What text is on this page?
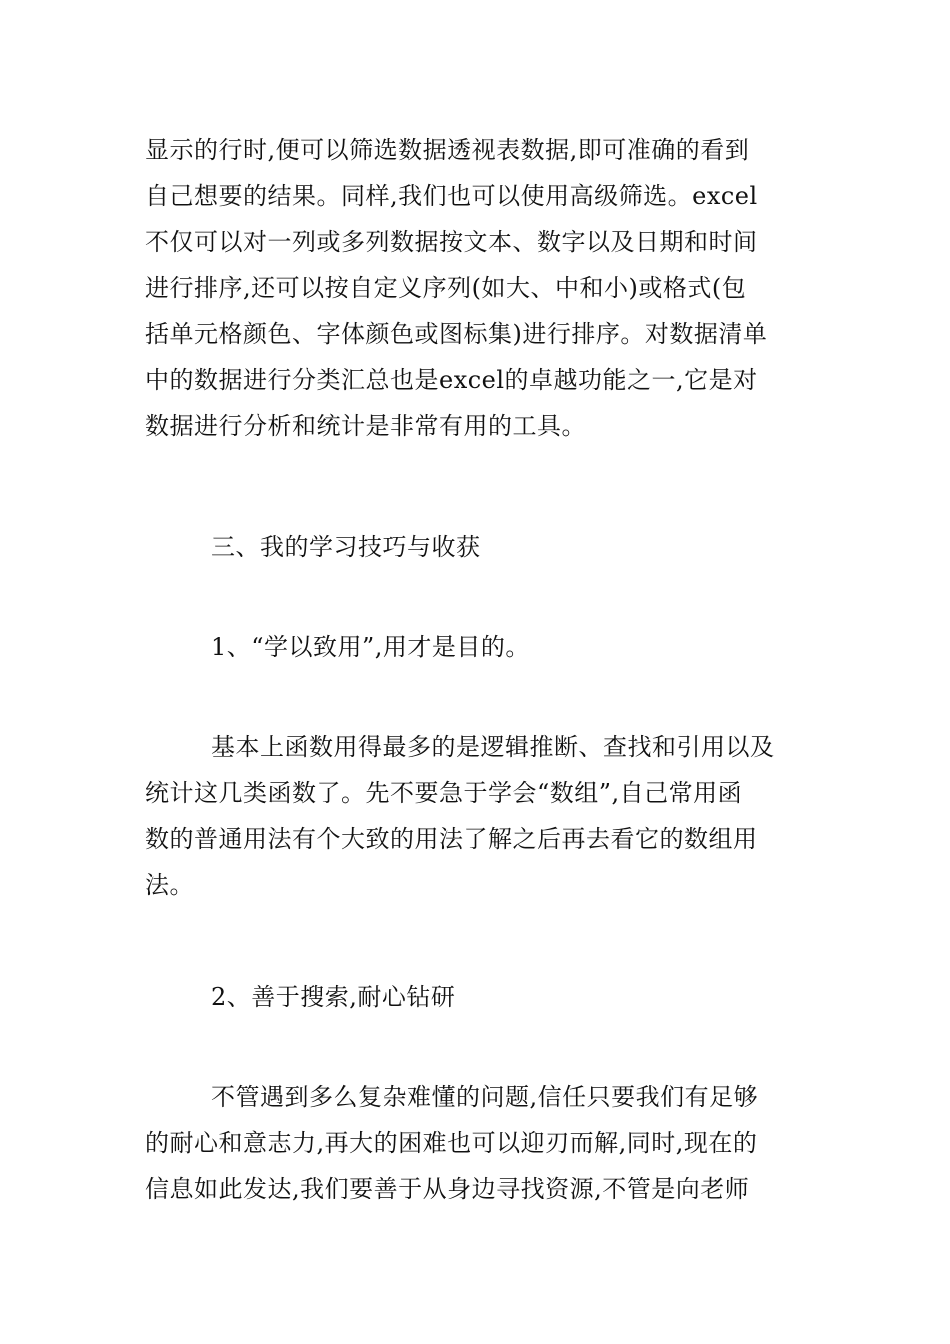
显示的行时,便可以筛选数据透视表数据,即可准确的看到
自己想要的结果。同样,我们也可以使用高级筛选。excel
不仅可以对一列或多列数据按文本、数字以及日期和时间
进行排序,还可以按自定义序列(如大、中和小)或格式(包
括单元格颜色、字体颜色或图标集)进行排序。对数据清单
中的数据进行分类汇总也是excel的卓越功能之一,它是对
数据进行分析和统计是非常有用的工具。
三、我的学习技巧与收获
1、“学以致用”,用才是目的。
基本上函数用得最多的是逻辑推断、查找和引用以及
统计这几类函数了。先不要急于学会“数组”,自己常用函
数的普通用法有个大致的用法了解之后再去看它的数组用
法。
2、善于搜索,耐心钻研
不管遇到多么复杂难懂的问题,信任只要我们有足够
的耐心和意志力,再大的困难也可以迎刃而解,同时,现在的
信息如此发达,我们要善于从身边寻找资源,不管是向老师
